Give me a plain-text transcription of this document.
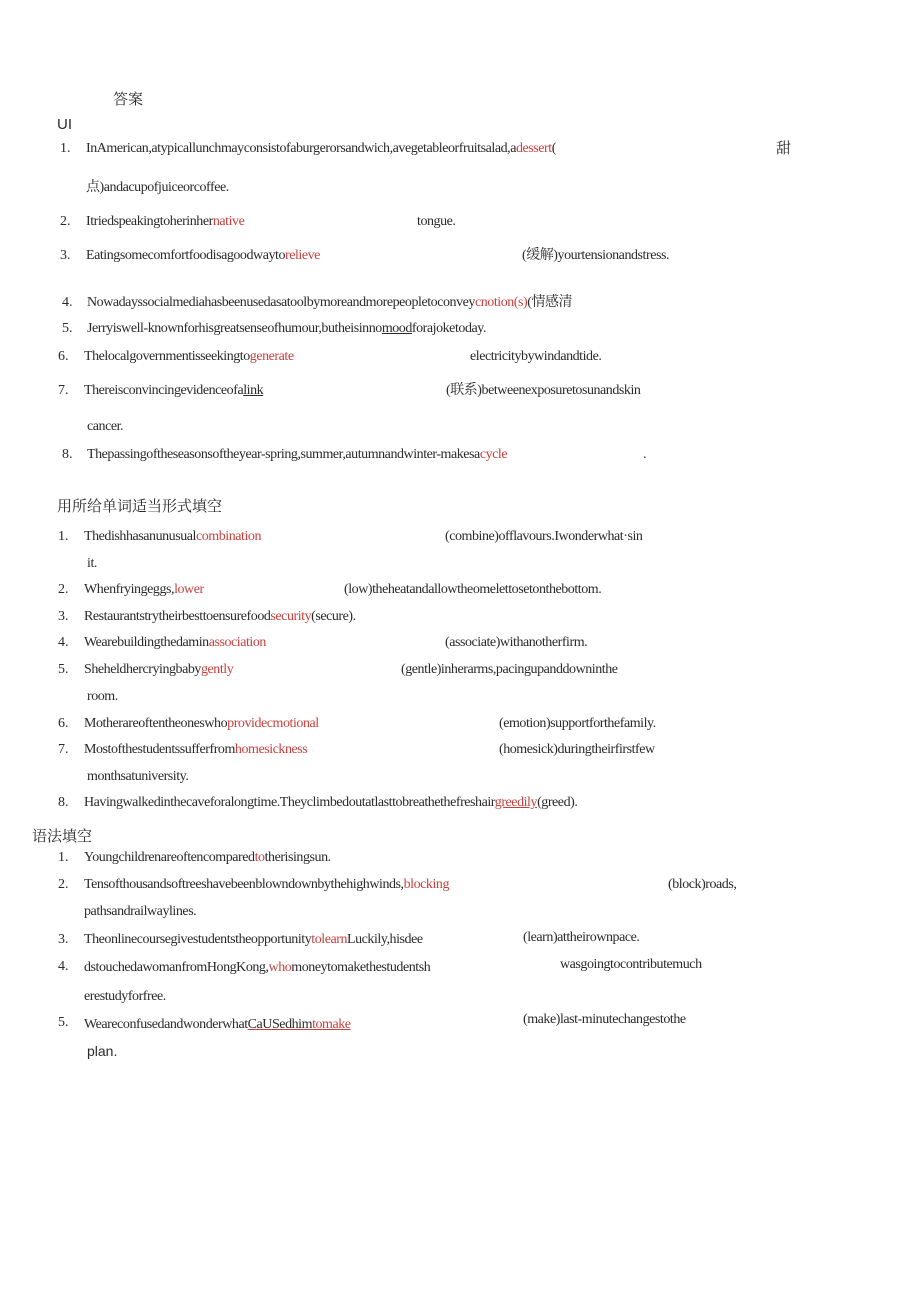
答案
UI
1. InAmerican,atypicallunchmayconsistofaburgerorsandwich,avegetableorfruitsalad,adessert(	甜
点)andacupofjuiceorcoffee.
2. Itriedspeakingtoherinhernative	tongue.
3. Eatingsomecomfortfoodisagoodwaytorelieve	(缓解)yourtensionandstress.
4. Nowadayssocialmediahasbeenusedasatoolbymoreandmorepeopletoconveycnotion(s)(情感清
5. Jerryiswell-knownforhisgreatsenseofhumour,butheisinnomoodforajoketoday.
6. Thelocalgovernmentisseekingtogenerate	electricitybywindandtide.
7. Thereisconvincingevidenceofalink	(联系)betweenexposuretosunandskin
cancer.
8. Thepassingoftheseasonsoftheyear-spring,summer,autumnandwinter-makesacycle	.
用所给单词适当形式填空
1. Thedishhasanunusualcombination	(combine)offlavours.Iwonderwhat·sin
it.
2. Whenfryingeggs,lower	(low)theheatandallowtheomelettosetonthebottom.
3. Restaurantstrytheirbesttoensurefoodsecurity(secure).
4. Wearebuildingthedaminassociation	(associate)withanotherfirm.
5. Sheheldhercryingbabygently	(gentle)inherarms,pacingupanddowninthe
room.
6. Motherareoftentheoneswhoprovidecmotional	(emotion)supportforthefamily.
7. Mostofthestudentssufferfromhomesickness	(homesick)duringtheirfirstfew
monthsatuniversity.
8. Havingwalkedinthecaveforalongtime.Theyclimbedoutatlasttobreathethefreshairgreedily(greed).
语法填空
1. Youngchildrenareoftencomparedtotherisingsun.
2. Tensofthousandsoftreeshavebeenblowndownbythehighwinds,blocking	(block)roads,
pathsandrailwaylines.
3. TheonlinecoursegivestudentstheopportunitytolearnLuckily,hisdee	(learn)attheirownpace.
4. dstouchedawomanfromHongKong,whomoneytomakethestudentsh	wasgoingtocontributemuch
erestudyforfree.
5. WeareconfusedandwonderwhatCaUSedhimtomake	(make)last-minutechangestothe
plan.
